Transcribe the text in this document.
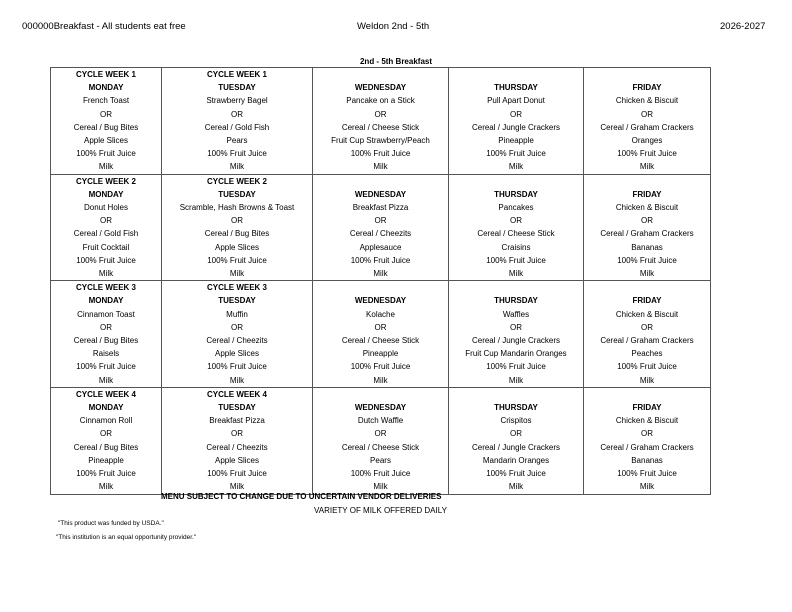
000000Breakfast - All students eat free	Weldon 2nd - 5th	2026-2027
2nd - 5th Breakfast
CYCLE WEEK 1	CYCLE WEEK 1			
MONDAY	TUESDAY	WEDNESDAY	THURSDAY	FRIDAY
French Toast	Strawberry Bagel	Pancake on a Stick	Pull Apart Donut	Chicken & Biscuit
OR	OR	OR	OR	OR
Cereal / Bug Bites	Cereal / Gold Fish	Cereal / Cheese Stick	Cereal / Jungle Crackers	Cereal / Graham Crackers
Apple Slices	Pears	Fruit Cup Strawberry/Peach	Pineapple	Oranges
100% Fruit Juice	100% Fruit Juice	100% Fruit Juice	100% Fruit Juice	100% Fruit Juice
Milk	Milk	Milk	Milk	Milk
CYCLE WEEK 2	CYCLE WEEK 2			
MONDAY	TUESDAY	WEDNESDAY	THURSDAY	FRIDAY
Donut Holes	Scramble, Hash Browns & Toast	Breakfast Pizza	Pancakes	Chicken & Biscuit
OR	OR	OR	OR	OR
Cereal / Gold Fish	Cereal / Bug Bites	Cereal / Cheezits	Cereal / Cheese Stick	Cereal / Graham Crackers
Fruit Cocktail	Apple Slices	Applesauce	Craisins	Bananas
100% Fruit Juice	100% Fruit Juice	100% Fruit Juice	100% Fruit Juice	100% Fruit Juice
Milk	Milk	Milk	Milk	Milk
CYCLE WEEK 3	CYCLE WEEK 3			
MONDAY	TUESDAY	WEDNESDAY	THURSDAY	FRIDAY
Cinnamon Toast	Muffin	Kolache	Waffles	Chicken & Biscuit
OR	OR	OR	OR	OR
Cereal / Bug Bites	Cereal / Cheezits	Cereal / Cheese Stick	Cereal / Jungle Crackers	Cereal / Graham Crackers
Raisels	Apple Slices	Pineapple	Fruit Cup Mandarin Oranges	Peaches
100% Fruit Juice	100% Fruit Juice	100% Fruit Juice	100% Fruit Juice	100% Fruit Juice
Milk	Milk	Milk	Milk	Milk
CYCLE WEEK 4	CYCLE WEEK 4			
MONDAY	TUESDAY	WEDNESDAY	THURSDAY	FRIDAY
Cinnamon Roll	Breakfast Pizza	Dutch Waffle	Crispitos	Chicken & Biscuit
OR	OR	OR	OR	OR
Cereal / Bug Bites	Cereal / Cheezits	Cereal / Cheese Stick	Cereal / Jungle Crackers	Cereal / Graham Crackers
Pineapple	Apple Slices	Pears	Mandarin Oranges	Bananas
100% Fruit Juice	100% Fruit Juice	100% Fruit Juice	100% Fruit Juice	100% Fruit Juice
Milk	Milk	Milk	Milk	Milk
MENU SUBJECT TO CHANGE DUE TO UNCERTAIN VENDOR DELIVERIES
VARIETY OF MILK OFFERED DAILY
"This product was funded by USDA."
"This institution is an equal opportunity provider."
